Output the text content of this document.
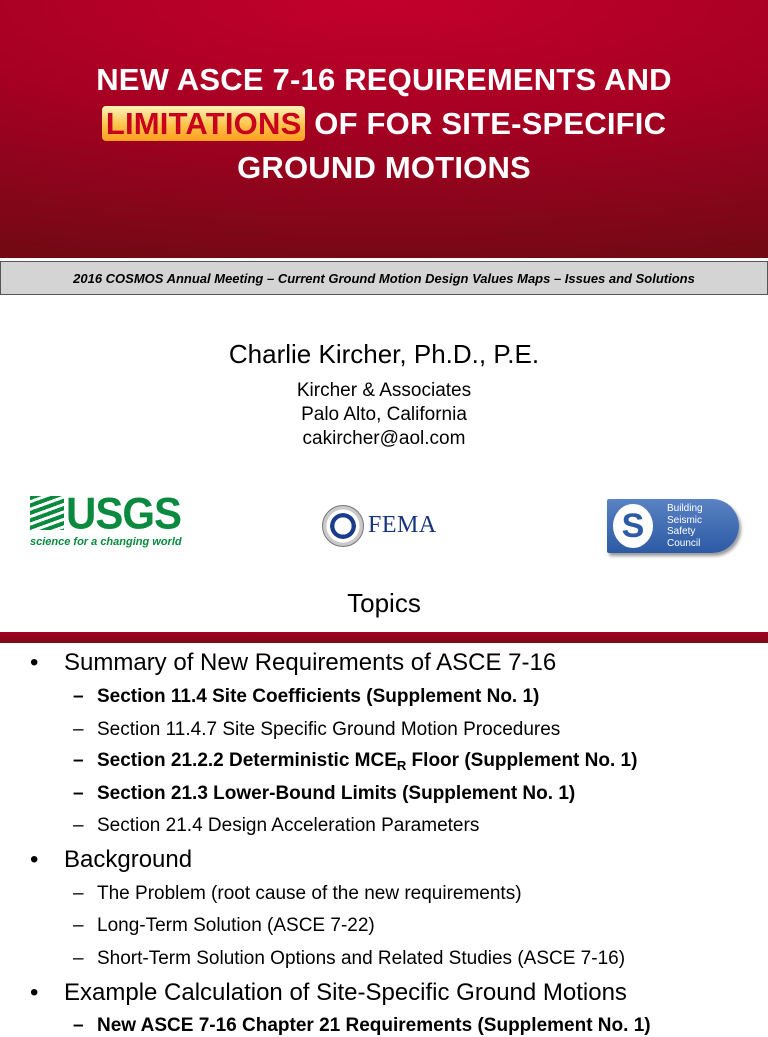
NEW ASCE 7-16 REQUIREMENTS AND
LIMITATIONS OF FOR SITE-SPECIFIC
GROUND MOTIONS
2016 COSMOS Annual Meeting – Current Ground Motion Design Values Maps – Issues and Solutions
Charlie Kircher, Ph.D., P.E.
Kircher & Associates
Palo Alto, California
cakircher@aol.com
USGS
science for a changing world
FEMA	S	Building
Seismic
Safety
Council
Topics
• Summary of New Requirements of ASCE 7-16
– Section 11.4 Site Coefficients (Supplement No. 1)
– Section 11.4.7 Site Specific Ground Motion Procedures
– Section 21.2.2 Deterministic $MCE_R$ Floor (Supplement No. 1)
– Section 21.3 Lower-Bound Limits (Supplement No. 1)
– Section 21.4 Design Acceleration Parameters
• Background
– The Problem (root cause of the new requirements)
– Long-Term Solution (ASCE 7-22)
– Short-Term Solution Options and Related Studies (ASCE 7-16)
• Example Calculation of Site-Specific Ground Motions
– New ASCE 7-16 Chapter 21 Requirements (Supplement No. 1)
